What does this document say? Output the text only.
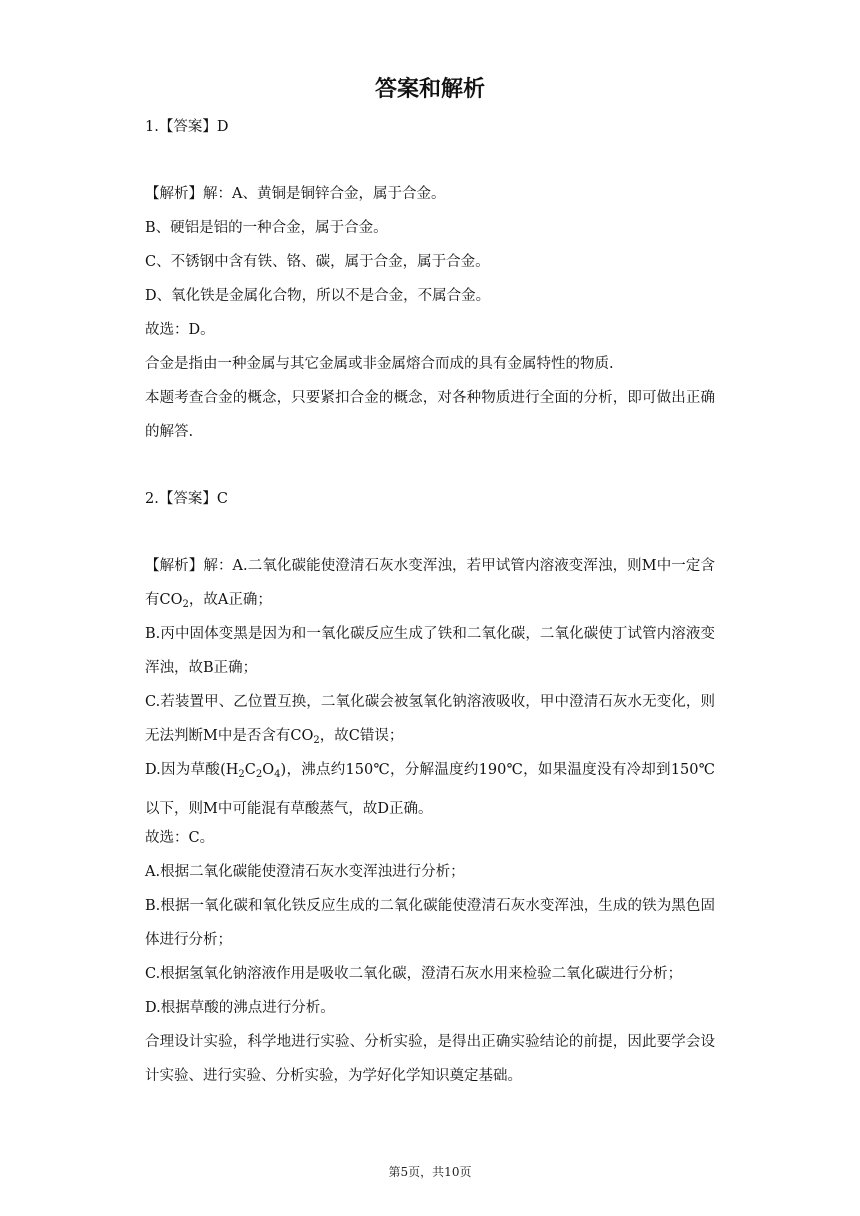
答案和解析

1.【答案】D

【解析】解：A、黄铜是铜锌合金，属于合金。

B、硬铝是铝的一种合金，属于合金。

C、不锈钢中含有铁、铬、碳，属于合金，属于合金。

D、氧化铁是金属化合物，所以不是合金，不属合金。

故选：D。

合金是指由一种金属与其它金属或非金属熔合而成的具有金属特性的物质.

本题考查合金的概念，只要紧扣合金的概念，对各种物质进行全面的分析，即可做出正确的解答.

2.【答案】C

【解析】解：A.二氧化碳能使澄清石灰水变浑浊，若甲试管内溶液变浑浊，则M中一定含有$CO_2$，故A正确；

B.丙中固体变黑是因为和一氧化碳反应生成了铁和二氧化碳，二氧化碳使丁试管内溶液变浑浊，故B正确；

C.若装置甲、乙位置互换，二氧化碳会被氢氧化钠溶液吸收，甲中澄清石灰水无变化，则无法判断M中是否含有$CO_2$，故C错误；

D.因为草酸$(H_2C_2O_4)$，沸点约150℃，分解温度约190℃，如果温度没有冷却到150℃以下，则M中可能混有草酸蒸气，故D正确。

故选：C。

A.根据二氧化碳能使澄清石灰水变浑浊进行分析；

B.根据一氧化碳和氧化铁反应生成的二氧化碳能使澄清石灰水变浑浊，生成的铁为黑色固体进行分析；

C.根据氢氧化钠溶液作用是吸收二氧化碳，澄清石灰水用来检验二氧化碳进行分析；

D.根据草酸的沸点进行分析。

合理设计实验，科学地进行实验、分析实验，是得出正确实验结论的前提，因此要学会设计实验、进行实验、分析实验，为学好化学知识奠定基础。

第5页，共10页
